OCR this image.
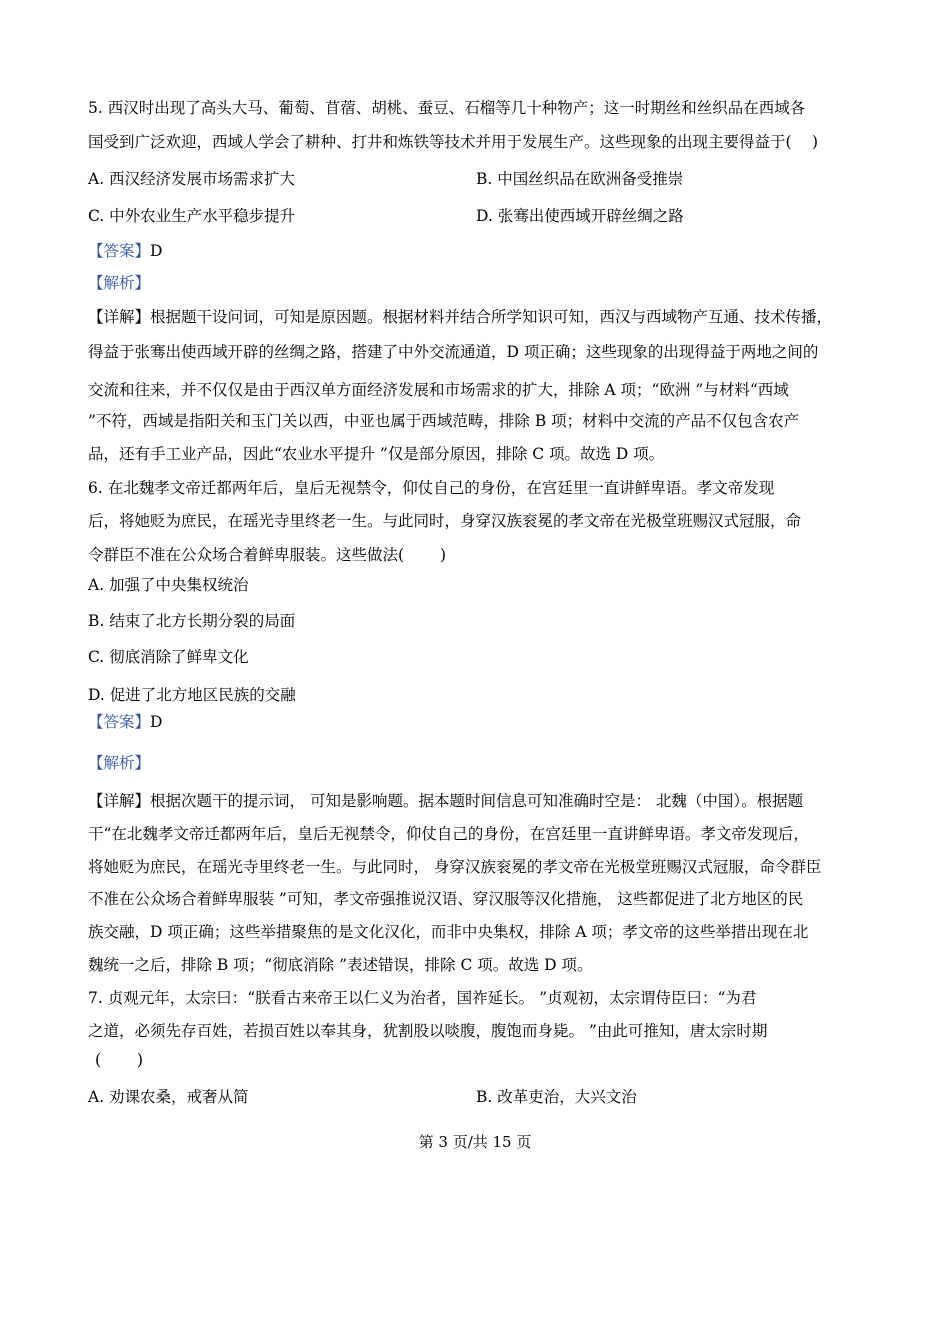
5. 西汉时出现了高头大马、葡萄、苜蓿、胡桃、蚕豆、石榴等几十种物产；这一时期丝和丝织品在西域各
国受到广泛欢迎，西域人学会了耕种、打井和炼铁等技术并用于发展生产。这些现象的出现主要得益于(　 )
A. 西汉经济发展市场需求扩大	B. 中国丝织品在欧洲备受推崇
C. 中外农业生产水平稳步提升	D. 张骞出使西域开辟丝绸之路
【答案】D
【解析】
【详解】根据题干设问词，可知是原因题。根据材料并结合所学知识可知，西汉与西域物产互通、技术传播，
得益于张骞出使西域开辟的丝绸之路，搭建了中外交流通道，D 项正确；这些现象的出现得益于两地之间的
交流和往来，并不仅仅是由于西汉单方面经济发展和市场需求的扩大，排除 A 项；“欧洲 ”与材料“西域
”不符，西域是指阳关和玉门关以西，中亚也属于西域范畴，排除 B 项；材料中交流的产品不仅包含农产
品，还有手工业产品，因此“农业水平提升 ”仅是部分原因，排除 C 项。故选 D 项。
6. 在北魏孝文帝迁都两年后，皇后无视禁令，仰仗自己的身份，在宫廷里一直讲鲜卑语。孝文帝发现
后，将她贬为庶民，在瑶光寺里终老一生。与此同时，身穿汉族衮冕的孝文帝在光极堂班赐汉式冠服，命
令群臣不准在公众场合着鲜卑服装。这些做法(　 　)
A. 加强了中央集权统治
B. 结束了北方长期分裂的局面
C. 彻底消除了鲜卑文化
D. 促进了北方地区民族的交融
【答案】D
【解析】
【详解】根据次题干的提示词， 可知是影响题。据本题时间信息可知准确时空是： 北魏（中国）。根据题
干“在北魏孝文帝迁都两年后，皇后无视禁令，仰仗自己的身份，在宫廷里一直讲鲜卑语。孝文帝发现后，
将她贬为庶民，在瑶光寺里终老一生。与此同时， 身穿汉族衮冕的孝文帝在光极堂班赐汉式冠服，命令群臣
不准在公众场合着鲜卑服装 ”可知，孝文帝强推说汉语、穿汉服等汉化措施， 这些都促进了北方地区的民
族交融，D 项正确；这些举措聚焦的是文化汉化，而非中央集权，排除 A 项；孝文帝的这些举措出现在北
魏统一之后，排除 B 项；“彻底消除 ”表述错误，排除 C 项。故选 D 项。
7. 贞观元年，太宗曰：“朕看古来帝王以仁义为治者，国祚延长。 ”贞观初，太宗谓侍臣曰：“为君
之道，必须先存百姓，若损百姓以奉其身，犹割股以啖腹，腹饱而身毙。 ”由此可推知，唐太宗时期
(　 　)
A. 劝课农桑，戒奢从简	B. 改革吏治，大兴文治
第 3 页/共 15 页
